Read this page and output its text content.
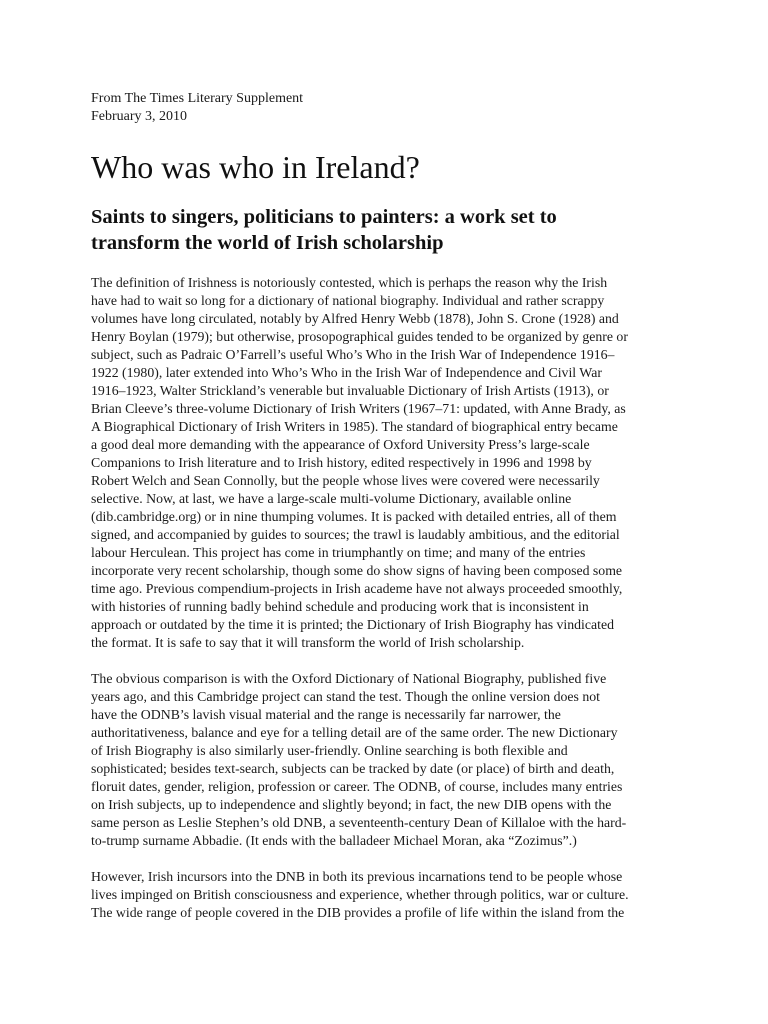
From The Times Literary Supplement
February 3, 2010

Who was who in Ireland?
Saints to singers, politicians to painters: a work set to
transform the world of Irish scholarship

The definition of Irishness is notoriously contested, which is perhaps the reason why the Irish
have had to wait so long for a dictionary of national biography. Individual and rather scrappy
volumes have long circulated, notably by Alfred Henry Webb (1878), John S. Crone (1928) and
Henry Boylan (1979); but otherwise, prosopographical guides tended to be organized by genre or
subject, such as Padraic O’Farrell’s useful Who’s Who in the Irish War of Independence 1916–
1922 (1980), later extended into Who’s Who in the Irish War of Independence and Civil War
1916–1923, Walter Strickland’s venerable but invaluable Dictionary of Irish Artists (1913), or
Brian Cleeve’s three-volume Dictionary of Irish Writers (1967–71: updated, with Anne Brady, as
A Biographical Dictionary of Irish Writers in 1985). The standard of biographical entry became
a good deal more demanding with the appearance of Oxford University Press’s large-scale
Companions to Irish literature and to Irish history, edited respectively in 1996 and 1998 by
Robert Welch and Sean Connolly, but the people whose lives were covered were necessarily
selective. Now, at last, we have a large-scale multi-volume Dictionary, available online
(dib.cambridge.org) or in nine thumping volumes. It is packed with detailed entries, all of them
signed, and accompanied by guides to sources; the trawl is laudably ambitious, and the editorial
labour Herculean. This project has come in triumphantly on time; and many of the entries
incorporate very recent scholarship, though some do show signs of having been composed some
time ago. Previous compendium-projects in Irish academe have not always proceeded smoothly,
with histories of running badly behind schedule and producing work that is inconsistent in
approach or outdated by the time it is printed; the Dictionary of Irish Biography has vindicated
the format. It is safe to say that it will transform the world of Irish scholarship.

The obvious comparison is with the Oxford Dictionary of National Biography, published five
years ago, and this Cambridge project can stand the test. Though the online version does not
have the ODNB’s lavish visual material and the range is necessarily far narrower, the
authoritativeness, balance and eye for a telling detail are of the same order. The new Dictionary
of Irish Biography is also similarly user-friendly. Online searching is both flexible and
sophisticated; besides text-search, subjects can be tracked by date (or place) of birth and death,
floruit dates, gender, religion, profession or career. The ODNB, of course, includes many entries
on Irish subjects, up to independence and slightly beyond; in fact, the new DIB opens with the
same person as Leslie Stephen’s old DNB, a seventeenth-century Dean of Killaloe with the hard-
to-trump surname Abbadie. (It ends with the balladeer Michael Moran, aka “Zozimus”.)

However, Irish incursors into the DNB in both its previous incarnations tend to be people whose
lives impinged on British consciousness and experience, whether through politics, war or culture.
The wide range of people covered in the DIB provides a profile of life within the island from the
